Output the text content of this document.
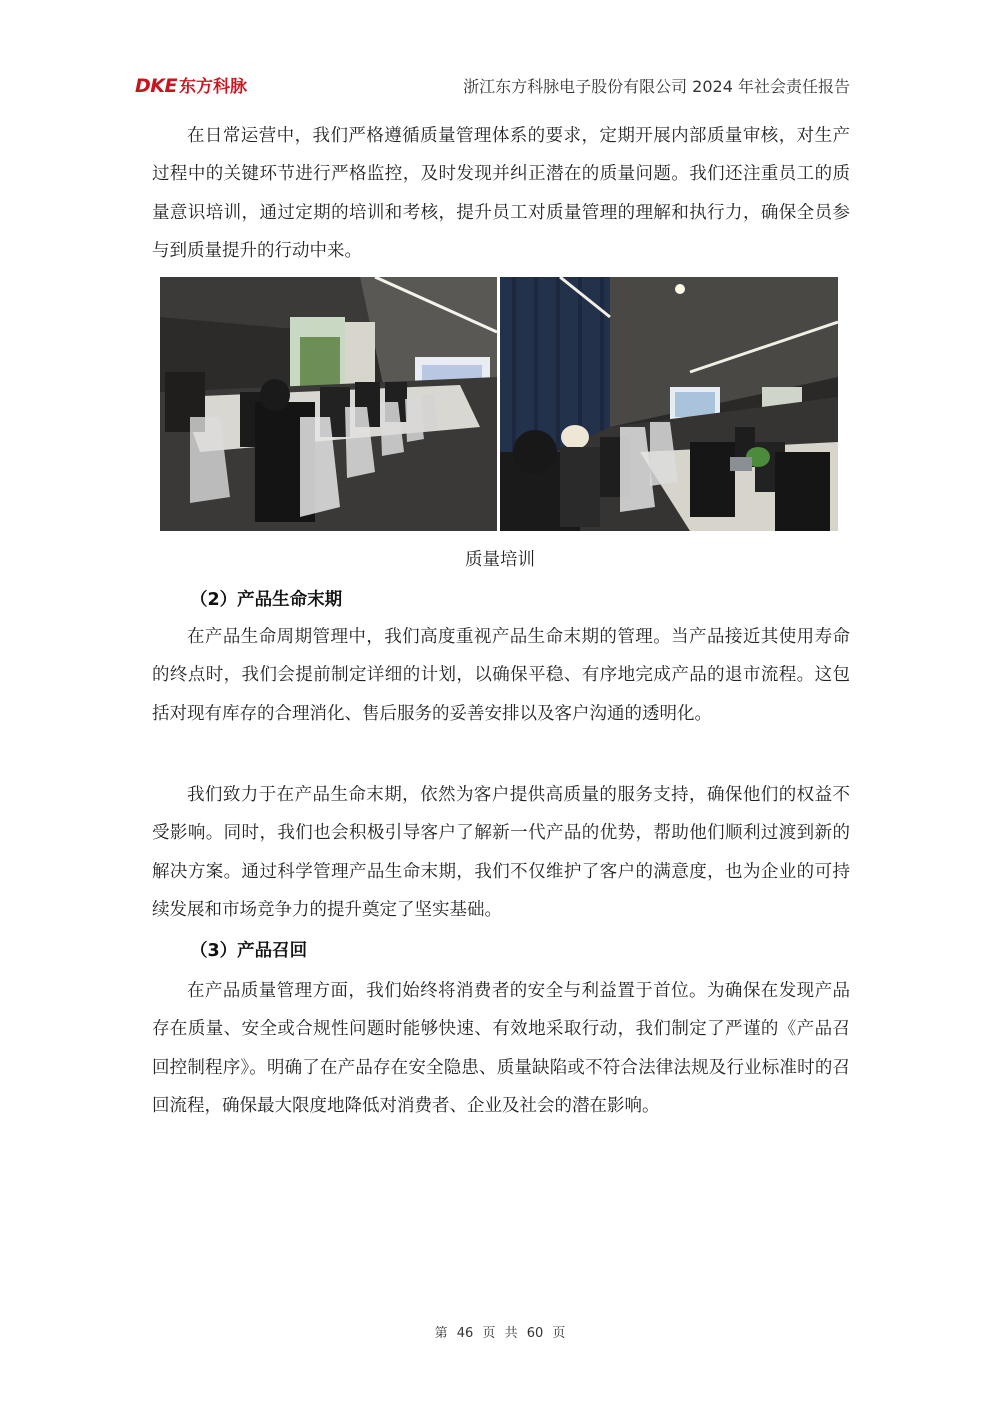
DKE 东方科脉	浙江东方科脉电子股份有限公司 2024 年社会责任报告

在日常运营中，我们严格遵循质量管理体系的要求，定期开展内部质量审核，对生产过程中的关键环节进行严格监控，及时发现并纠正潜在的质量问题。我们还注重员工的质量意识培训，通过定期的培训和考核，提升员工对质量管理的理解和执行力，确保全员参与到质量提升的行动中来。

质量培训
（2）产品生命末期

在产品生命周期管理中，我们高度重视产品生命末期的管理。当产品接近其使用寿命的终点时，我们会提前制定详细的计划，以确保平稳、有序地完成产品的退市流程。这包括对现有库存的合理消化、售后服务的妥善安排以及客户沟通的透明化。

我们致力于在产品生命末期，依然为客户提供高质量的服务支持，确保他们的权益不受影响。同时，我们也会积极引导客户了解新一代产品的优势，帮助他们顺利过渡到新的解决方案。通过科学管理产品生命末期，我们不仅维护了客户的满意度，也为企业的可持续发展和市场竞争力的提升奠定了坚实基础。

（3）产品召回

在产品质量管理方面，我们始终将消费者的安全与利益置于首位。为确保在发现产品存在质量、安全或合规性问题时能够快速、有效地采取行动，我们制定了严谨的《产品召回控制程序》。明确了在产品存在安全隐患、质量缺陷或不符合法律法规及行业标准时的召回流程，确保最大限度地降低对消费者、企业及社会的潜在影响。

第 46 页 共 60 页
